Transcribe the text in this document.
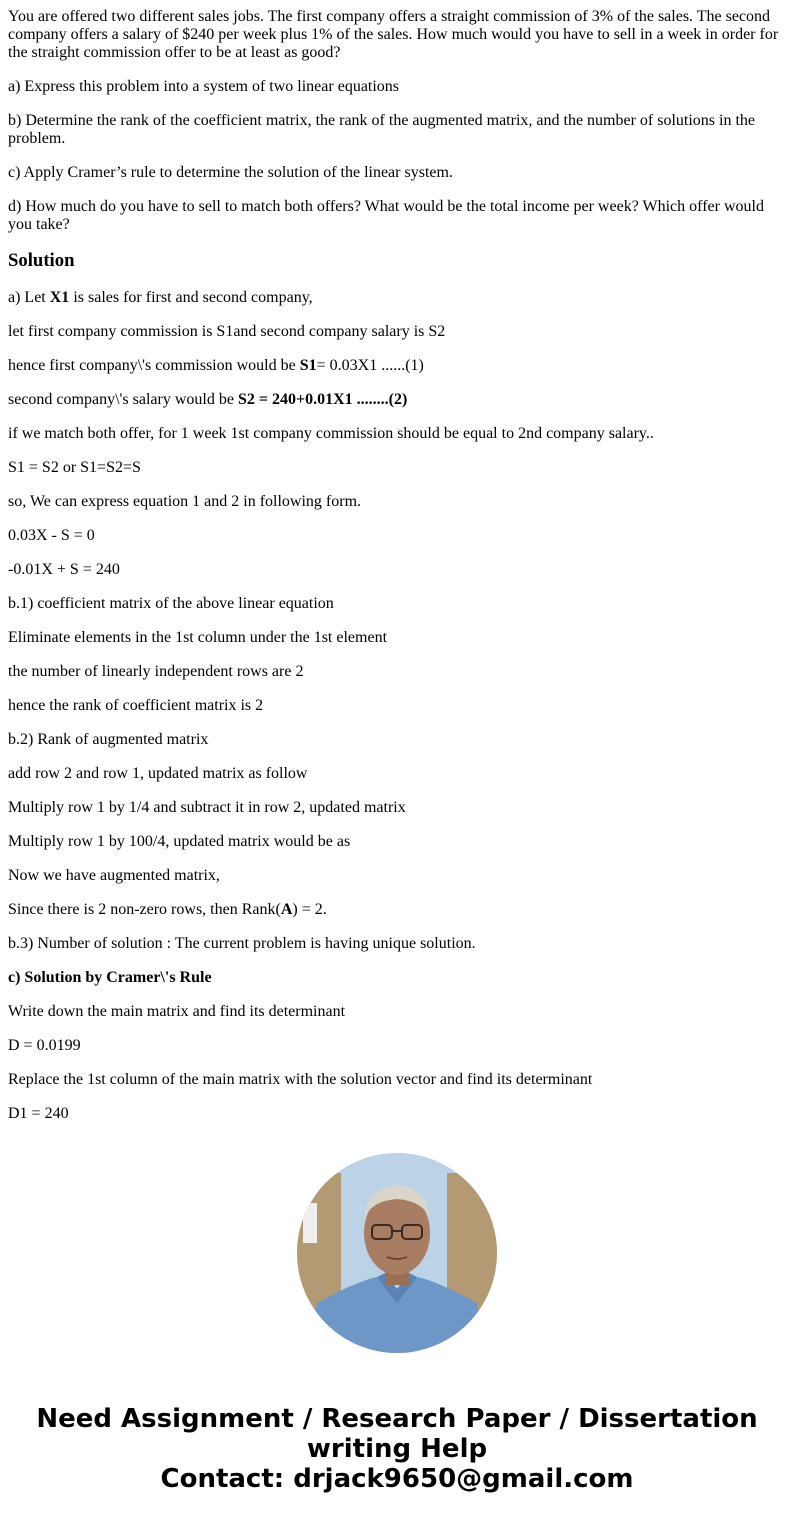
You are offered two different sales jobs. The first company offers a straight commission of 3% of the sales. The second company offers a salary of $240 per week plus 1% of the sales. How much would you have to sell in a week in order for the straight commission offer to be at least as good?

a) Express this problem into a system of two linear equations

b) Determine the rank of the coefficient matrix, the rank of the augmented matrix, and the number of solutions in the problem.

c) Apply Cramer’s rule to determine the solution of the linear system.

d) How much do you have to sell to match both offers? What would be the total income per week? Which offer would you take?

Solution

a) Let X1 is sales for first and second company,

let first company commission is S1and second company salary is S2

hence first company\'s commission would be S1= 0.03X1 ......(1)

second company\'s salary would be S2 = 240+0.01X1 ........(2)

if we match both offer, for 1 week 1st company commission should be equal to 2nd company salary..

S1 = S2 or S1=S2=S

so, We can express equation 1 and 2 in following form.

0.03X - S = 0

-0.01X + S = 240

b.1) coefficient matrix of the above linear equation

Eliminate elements in the 1st column under the 1st element

the number of linearly independent rows are 2

hence the rank of coefficient matrix is 2

b.2) Rank of augmented matrix

add row 2 and row 1, updated matrix as follow

Multiply row 1 by 1/4 and subtract it in row 2, updated matrix

Multiply row 1 by 100/4, updated matrix would be as

Now we have augmented matrix,

Since there is 2 non-zero rows, then Rank(A) = 2.

b.3) Number of solution : The current problem is having unique solution.

c) Solution by Cramer\'s Rule

Write down the main matrix and find its determinant

D = 0.0199

Replace the 1st column of the main matrix with the solution vector and find its determinant

D1 = 240

Need Assignment / Research Paper / Dissertation
writing Help
Contact: drjack9650@gmail.com
